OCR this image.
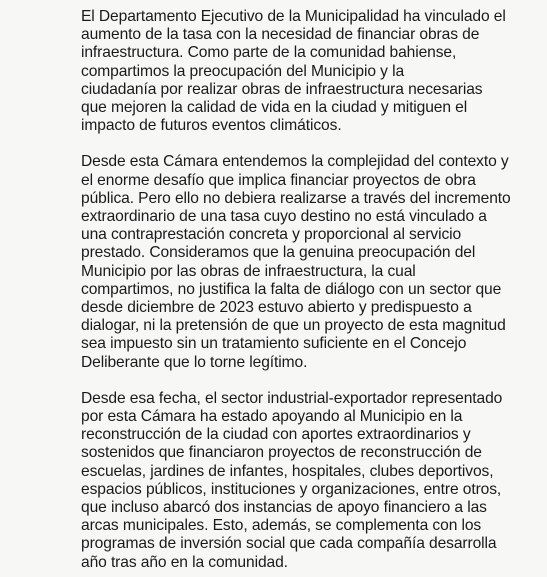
El Departamento Ejecutivo de la Municipalidad ha vinculado el
aumento de la tasa con la necesidad de financiar obras de
infraestructura. Como parte de la comunidad bahiense,
compartimos la preocupación del Municipio y la
ciudadanía por realizar obras de infraestructura necesarias
que mejoren la calidad de vida en la ciudad y mitiguen el
impacto de futuros eventos climáticos.

Desde esta Cámara entendemos la complejidad del contexto y
el enorme desafío que implica financiar proyectos de obra
pública. Pero ello no debiera realizarse a través del incremento
extraordinario de una tasa cuyo destino no está vinculado a
una contraprestación concreta y proporcional al servicio
prestado. Consideramos que la genuina preocupación del
Municipio por las obras de infraestructura, la cual
compartimos, no justifica la falta de diálogo con un sector que
desde diciembre de 2023 estuvo abierto y predispuesto a
dialogar, ni la pretensión de que un proyecto de esta magnitud
sea impuesto sin un tratamiento suficiente en el Concejo
Deliberante que lo torne legítimo.

Desde esa fecha, el sector industrial-exportador representado
por esta Cámara ha estado apoyando al Municipio en la
reconstrucción de la ciudad con aportes extraordinarios y
sostenidos que financiaron proyectos de reconstrucción de
escuelas, jardines de infantes, hospitales, clubes deportivos,
espacios públicos, instituciones y organizaciones, entre otros,
que incluso abarcó dos instancias de apoyo financiero a las
arcas municipales. Esto, además, se complementa con los
programas de inversión social que cada compañía desarrolla
año tras año en la comunidad.
